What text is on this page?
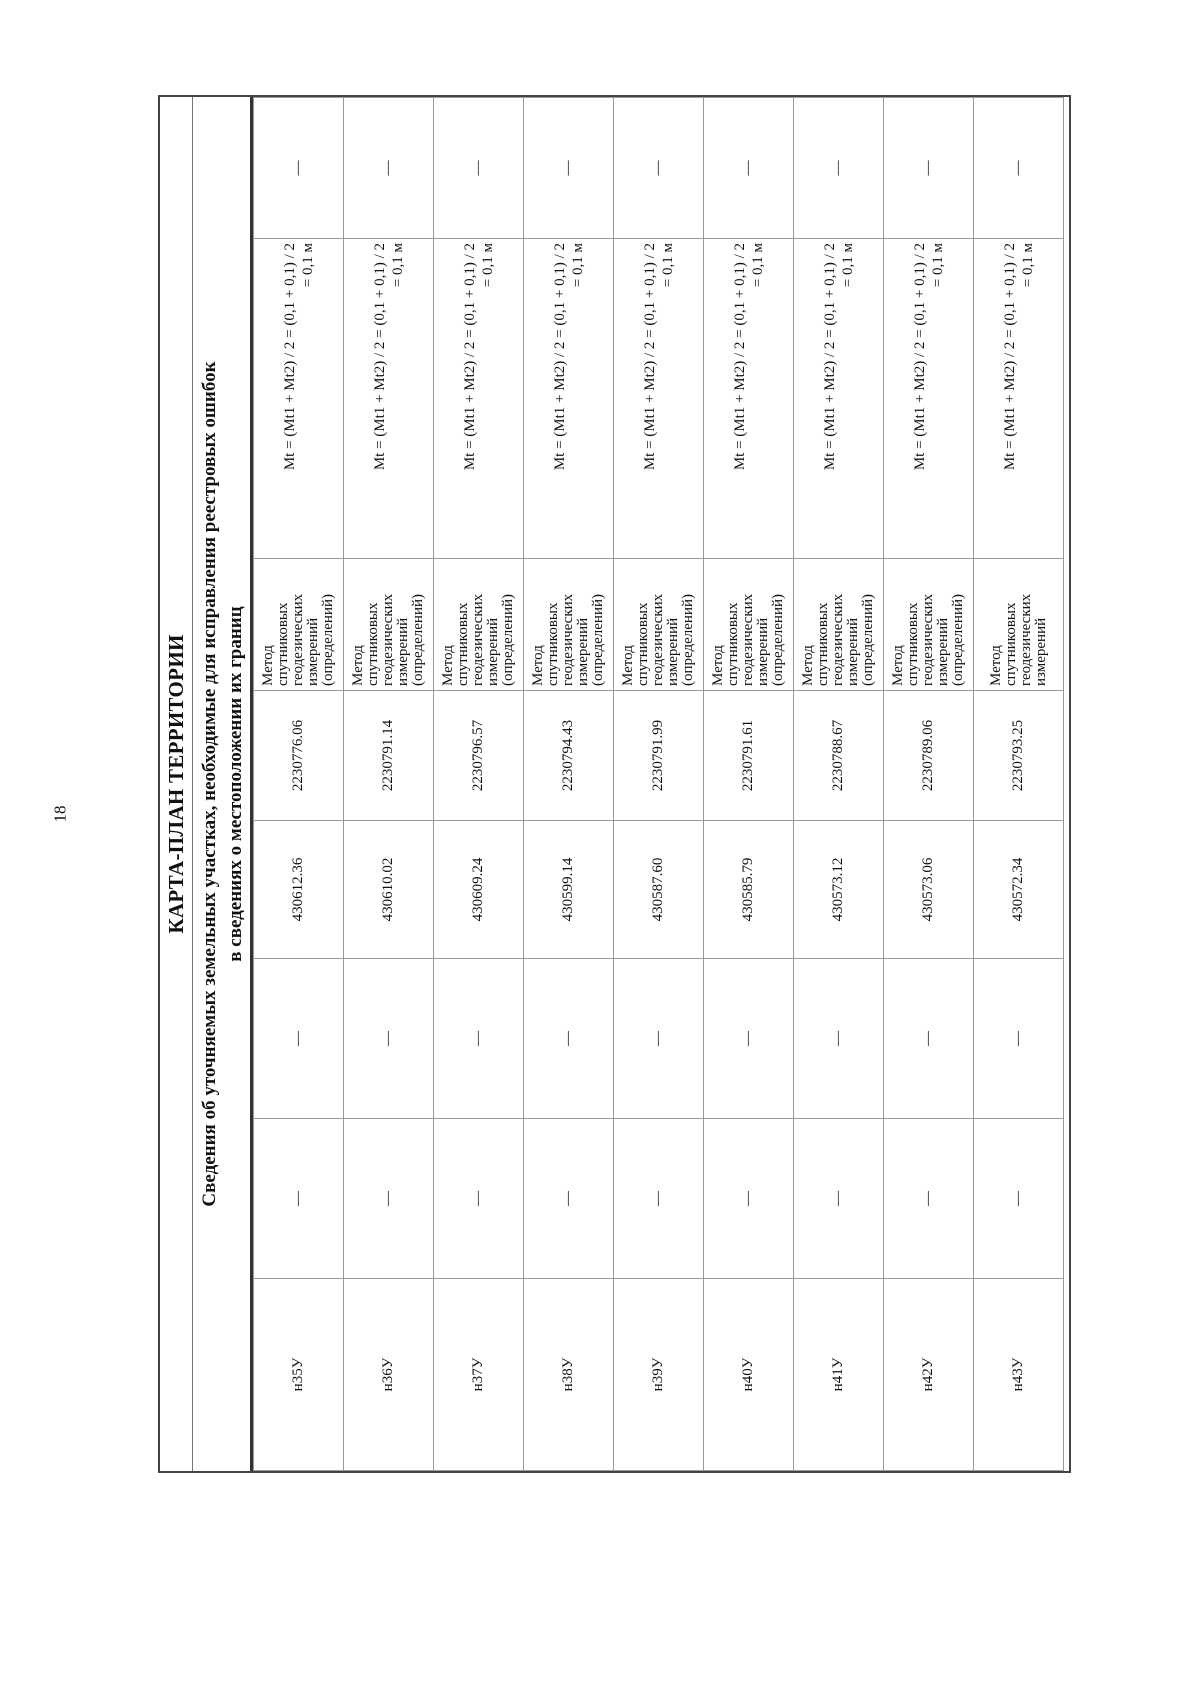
18	КАРТА-ПЛАН ТЕРРИТОРИИ Сведения об уточняемых земельных участках, необходимые для исправления реестровых ошибок в сведениях о местоположении их границ
н35У	—	—	430612.36	2230776.06	Метод спутниковых геодезических измерений (определений)	Mt = (Mt1 + Mt2) / 2 = (0,1 + 0,1) / 2 = 0,1 м	—
н36У	—	—	430610.02	2230791.14	Метод спутниковых геодезических измерений (определений)	Mt = (Mt1 + Mt2) / 2 = (0,1 + 0,1) / 2 = 0,1 м	—
н37У	—	—	430609.24	2230796.57	Метод спутниковых геодезических измерений (определений)	Mt = (Mt1 + Mt2) / 2 = (0,1 + 0,1) / 2 = 0,1 м	—
н38У	—	—	430599.14	2230794.43	Метод спутниковых геодезических измерений (определений)	Mt = (Mt1 + Mt2) / 2 = (0,1 + 0,1) / 2 = 0,1 м	—
н39У	—	—	430587.60	2230791.99	Метод спутниковых геодезических измерений (определений)	Mt = (Mt1 + Mt2) / 2 = (0,1 + 0,1) / 2 = 0,1 м	—
н40У	—	—	430585.79	2230791.61	Метод спутниковых геодезических измерений (определений)	Mt = (Mt1 + Mt2) / 2 = (0,1 + 0,1) / 2 = 0,1 м	—
н41У	—	—	430573.12	2230788.67	Метод спутниковых геодезических измерений (определений)	Mt = (Mt1 + Mt2) / 2 = (0,1 + 0,1) / 2 = 0,1 м	—
н42У	—	—	430573.06	2230789.06	Метод спутниковых геодезических измерений (определений)	Mt = (Mt1 + Mt2) / 2 = (0,1 + 0,1) / 2 = 0,1 м	—
н43У	—	—	430572.34	2230793.25	Метод спутниковых геодезических измерений	Mt = (Mt1 + Mt2) / 2 = (0,1 + 0,1) / 2 = 0,1 м	—
